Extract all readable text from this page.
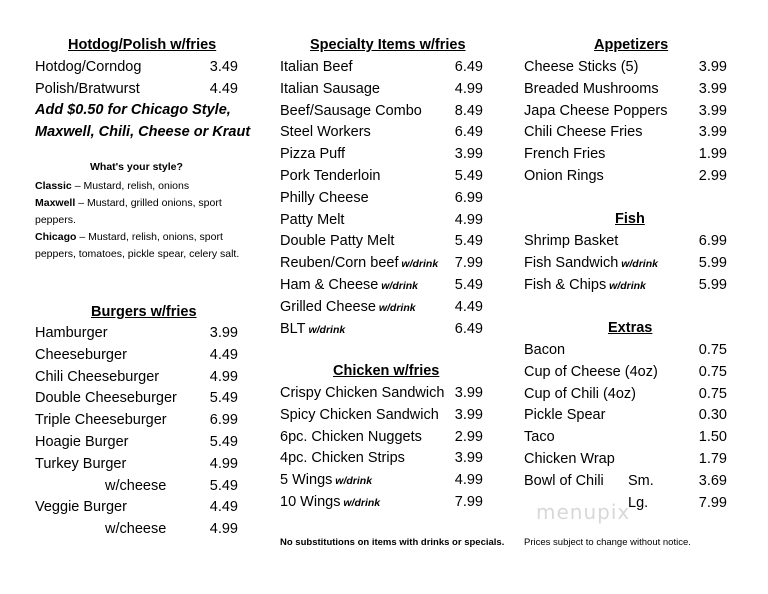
Hotdog/Polish w/fries
Hotdog/Corndog	3.49
Polish/Bratwurst	4.49
Add $0.50 for Chicago Style,
Maxwell, Chili, Cheese or Kraut
What's your style?
Classic – Mustard, relish, onions
Maxwell – Mustard, grilled onions, sport peppers.
Chicago – Mustard, relish, onions, sport peppers, tomatoes, pickle spear, celery salt.
Burgers w/fries
Hamburger	3.99
Cheeseburger	4.49
Chili Cheeseburger	4.99
Double Cheeseburger	5.49
Triple Cheeseburger	6.99
Hoagie Burger	5.49
Turkey Burger	4.99
w/cheese	5.49
Veggie Burger	4.49
w/cheese	4.99
Specialty Items w/fries
Italian Beef	6.49
Italian Sausage	4.99
Beef/Sausage Combo	8.49
Steel Workers	6.49
Pizza Puff	3.99
Pork Tenderloin	5.49
Philly Cheese	6.99
Patty Melt	4.99
Double Patty Melt	5.49
Reuben/Corn beef w/drink	7.99
Ham & Cheese w/drink	5.49
Grilled Cheese w/drink	4.49
BLT w/drink	6.49
Chicken w/fries
Crispy Chicken Sandwich 3.99
Spicy Chicken Sandwich	3.99
6pc. Chicken Nuggets	2.99
4pc. Chicken Strips	3.99
5 Wings w/drink	4.99
10 Wings w/drink	7.99
No substitutions on items with drinks or specials.
Appetizers
Cheese Sticks (5)	3.99
Breaded Mushrooms	3.99
Japa Cheese Poppers	3.99
Chili Cheese Fries	3.99
French Fries	1.99
Onion Rings	2.99
Fish
Shrimp Basket	6.99
Fish Sandwich w/drink	5.99
Fish & Chips w/drink	5.99
Extras
Bacon	0.75
Cup of Cheese (4oz)	0.75
Cup of Chili (4oz)	0.75
Pickle Spear	0.30
Taco	1.50
Chicken Wrap	1.79
Bowl of Chili Sm.	3.69
Lg.	7.99
Prices subject to change without notice.
menupix
